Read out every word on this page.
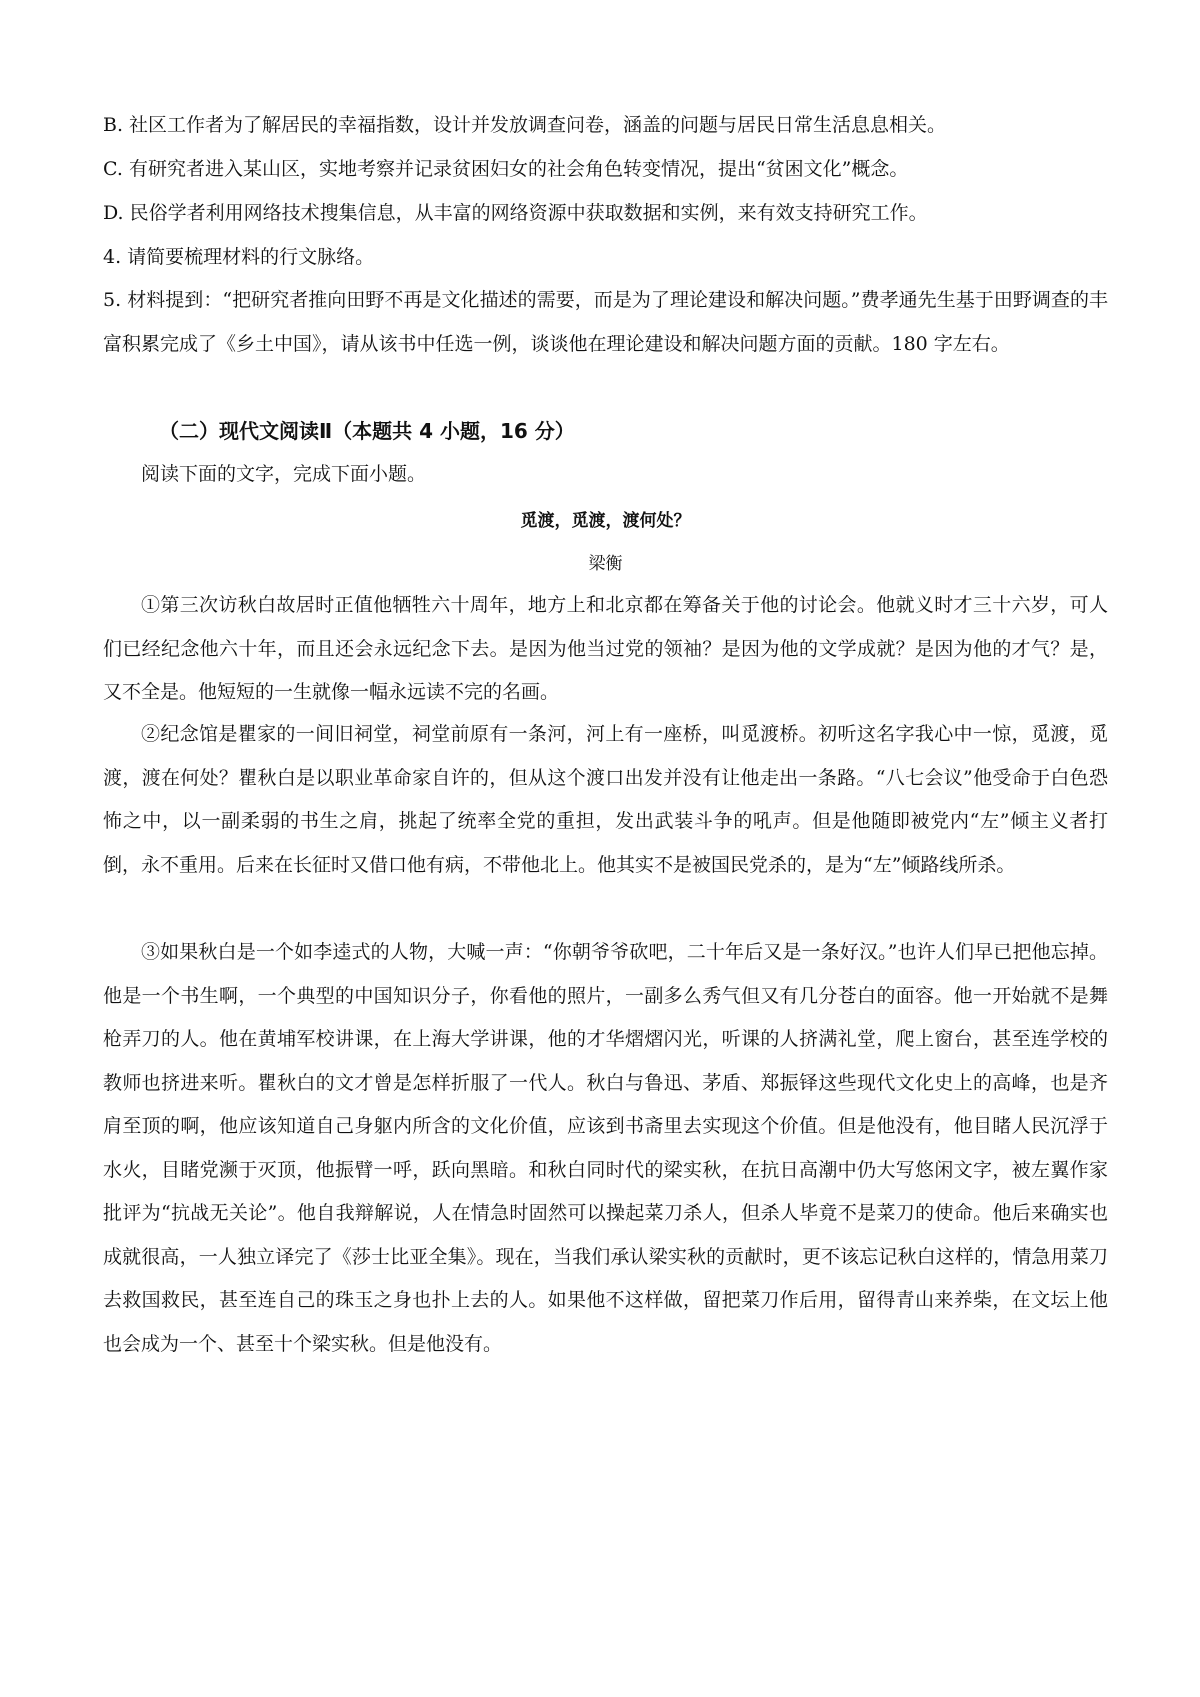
B. 社区工作者为了解居民的幸福指数，设计并发放调查问卷，涵盖的问题与居民日常生活息息相关。
C. 有研究者进入某山区，实地考察并记录贫困妇女的社会角色转变情况，提出“贫困文化”概念。
D. 民俗学者利用网络技术搜集信息，从丰富的网络资源中获取数据和实例，来有效支持研究工作。
4. 请简要梳理材料的行文脉络。
5. 材料提到：“把研究者推向田野不再是文化描述的需要，而是为了理论建设和解决问题。”费孝通先生基于田野调查的丰富积累完成了《乡土中国》，请从该书中任选一例，谈谈他在理论建设和解决问题方面的贡献。180 字左右。
（二）现代文阅读Ⅱ（本题共 4 小题，16 分）
阅读下面的文字，完成下面小题。
觅渡，觅渡，渡何处？
梁衡
①第三次访秋白故居时正值他牺牲六十周年，地方上和北京都在筹备关于他的讨论会。他就义时才三十六岁，可人们已经纪念他六十年，而且还会永远纪念下去。是因为他当过党的领袖？是因为他的文学成就？是因为他的才气？是，又不全是。他短短的一生就像一幅永远读不完的名画。
②纪念馆是瞿家的一间旧祠堂，祠堂前原有一条河，河上有一座桥，叫觅渡桥。初听这名字我心中一惊，觅渡，觅渡，渡在何处？瞿秋白是以职业革命家自许的，但从这个渡口出发并没有让他走出一条路。“八七会议”他受命于白色恐怖之中，以一副柔弱的书生之肩，挑起了统率全党的重担，发出武装斗争的吼声。但是他随即被党内“左”倾主义者打倒，永不重用。后来在长征时又借口他有病，不带他北上。他其实不是被国民党杀的，是为“左”倾路线所杀。
③如果秋白是一个如李逵式的人物，大喊一声：“你朝爷爷砍吧，二十年后又是一条好汉。”也许人们早已把他忘掉。他是一个书生啊，一个典型的中国知识分子，你看他的照片，一副多么秀气但又有几分苍白的面容。他一开始就不是舞枪弄刀的人。他在黄埔军校讲课，在上海大学讲课，他的才华熠熠闪光，听课的人挤满礼堂，爬上窗台，甚至连学校的教师也挤进来听。瞿秋白的文才曾是怎样折服了一代人。秋白与鲁迅、茅盾、郑振铎这些现代文化史上的高峰，也是齐肩至顶的啊，他应该知道自己身躯内所含的文化价值，应该到书斋里去实现这个价值。但是他没有，他目睹人民沉浮于水火，目睹党濒于灭顶，他振臂一呼，跃向黑暗。和秋白同时代的梁实秋，在抗日高潮中仍大写悠闲文字，被左翼作家批评为“抗战无关论”。他自我辩解说，人在情急时固然可以操起菜刀杀人，但杀人毕竟不是菜刀的使命。他后来确实也成就很高，一人独立译完了《莎士比亚全集》。现在，当我们承认梁实秋的贡献时，更不该忘记秋白这样的，情急用菜刀去救国救民，甚至连自己的珠玉之身也扑上去的人。如果他不这样做，留把菜刀作后用，留得青山来养柴，在文坛上他也会成为一个、甚至十个梁实秋。但是他没有。
